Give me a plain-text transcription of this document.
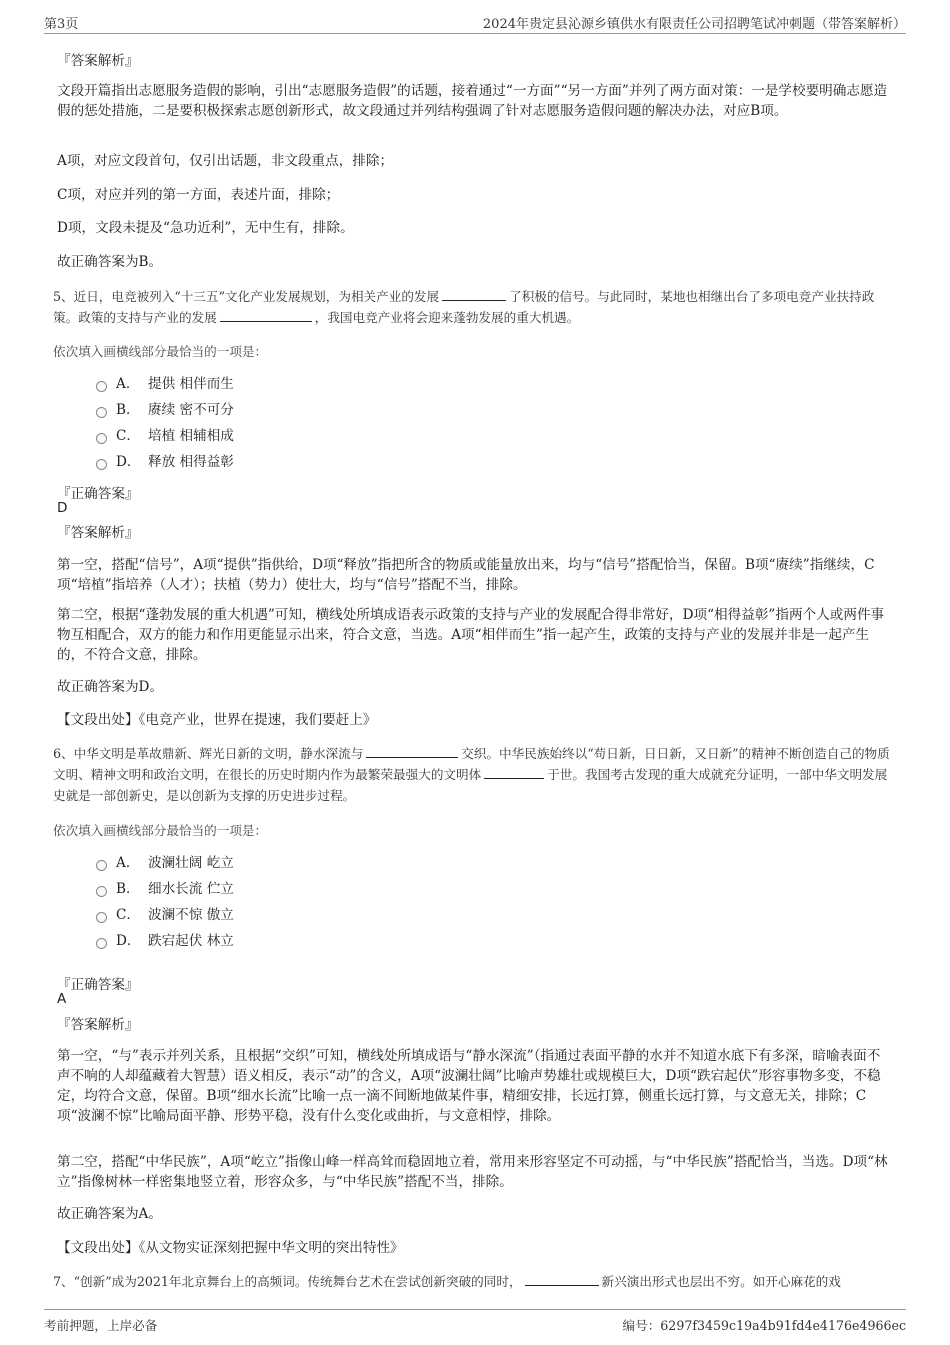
第3页	2024年贵定县沁源乡镇供水有限责任公司招聘笔试冲刺题（带答案解析）
『答案解析』
文段开篇指出志愿服务造假的影响，引出“志愿服务造假”的话题，接着通过“一方面”“另一方面”并列了两方面对策：一是学校要明确志愿造假的惩处措施，二是要积极探索志愿创新形式，故文段通过并列结构强调了针对志愿服务造假问题的解决办法，对应B项。
A项，对应文段首句，仅引出话题，非文段重点，排除；
C项，对应并列的第一方面，表述片面，排除；
D项，文段未提及“急功近利”，无中生有，排除。
故正确答案为B。
5、近日，电竞被列入“十三五”文化产业发展规划，为相关产业的发展	了积极的信号。与此同时，某地也相继出台了多项电竞产业扶持政策。政策的支持与产业的发展	，我国电竞产业将会迎来蓬勃发展的重大机遇。
依次填入画横线部分最恰当的一项是：
A． 提供 相伴而生
B． 赓续 密不可分
C． 培植 相辅相成
D． 释放 相得益彰
『正确答案』
D
『答案解析』
第一空，搭配“信号”，A项“提供”指供给，D项“释放”指把所含的物质或能量放出来，均与“信号”搭配恰当，保留。B项“赓续”指继续，C项“培植”指培养（人才）；扶植（势力）使壮大，均与“信号”搭配不当，排除。
第二空，根据“蓬勃发展的重大机遇”可知，横线处所填成语表示政策的支持与产业的发展配合得非常好，D项“相得益彰”指两个人或两件事物互相配合，双方的能力和作用更能显示出来，符合文意，当选。A项“相伴而生”指一起产生，政策的支持与产业的发展并非是一起产生的，不符合文意，排除。
故正确答案为D。
【文段出处】《电竞产业，世界在提速，我们要赶上》
6、中华文明是革故鼎新、辉光日新的文明，静水深流与	交织。中华民族始终以“苟日新，日日新，又日新”的精神不断创造自己的物质文明、精神文明和政治文明，在很长的历史时期内作为最繁荣最强大的文明体	于世。我国考古发现的重大成就充分证明，一部中华文明发展史就是一部创新史，是以创新为支撑的历史进步过程。
依次填入画横线部分最恰当的一项是：
A． 波澜壮阔 屹立
B． 细水长流 伫立
C． 波澜不惊 傲立
D． 跌宕起伏 林立
『正确答案』
A
『答案解析』
第一空，“与”表示并列关系，且根据“交织”可知，横线处所填成语与“静水深流”（指通过表面平静的水并不知道水底下有多深，暗喻表面不声不响的人却蕴藏着大智慧）语义相反，表示“动”的含义，A项“波澜壮阔”比喻声势雄壮或规模巨大，D项“跌宕起伏”形容事物多变，不稳定，均符合文意，保留。B项“细水长流”比喻一点一滴不间断地做某件事，精细安排，长远打算，侧重长远打算，与文意无关，排除；C项“波澜不惊”比喻局面平静、形势平稳，没有什么变化或曲折，与文意相悖，排除。
第二空，搭配“中华民族”，A项“屹立”指像山峰一样高耸而稳固地立着，常用来形容坚定不可动摇，与“中华民族”搭配恰当，当选。D项“林立”指像树林一样密集地竖立着，形容众多，与“中华民族”搭配不当，排除。
故正确答案为A。
【文段出处】《从文物实证深刻把握中华文明的突出特性》
7、“创新”成为2021年北京舞台上的高频词。传统舞台艺术在尝试创新突破的同时，	新兴演出形式也层出不穷。如开心麻花的戏
考前押题，上岸必备	编号：6297f3459c19a4b91fd4e4176e4966ec
